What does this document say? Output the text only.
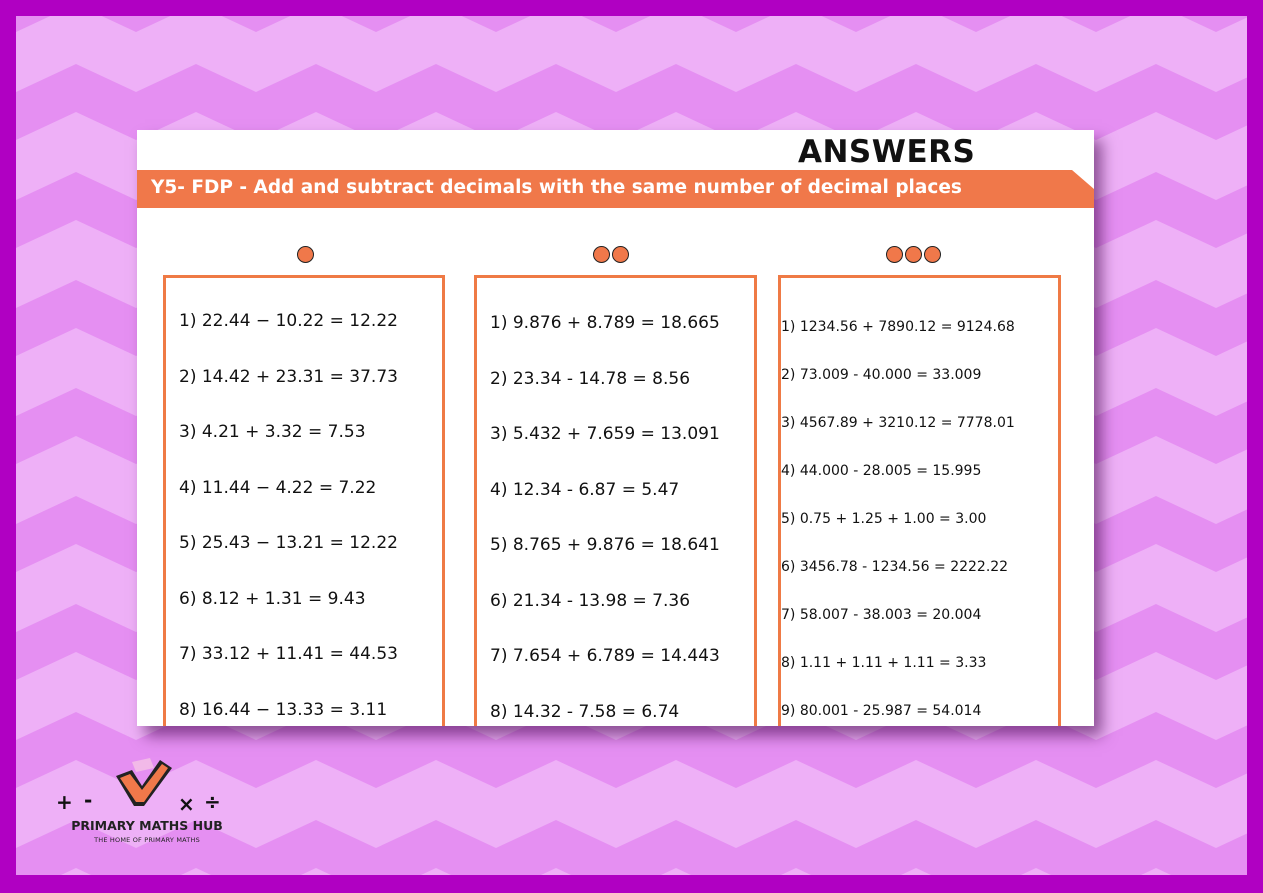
ANSWERS
Y5- FDP - Add and subtract decimals with the same number of decimal places
1) 22.44 − 10.22 = 12.22
2) 14.42 + 23.31 = 37.73
3) 4.21 + 3.32 = 7.53
4) 11.44 − 4.22 = 7.22
5) 25.43 − 13.21 = 12.22
6) 8.12 + 1.31 = 9.43
7) 33.12 + 11.41 = 44.53
8) 16.44 − 13.33 = 3.11
1) 9.876 + 8.789 = 18.665
2) 23.34 - 14.78 = 8.56
3) 5.432 + 7.659 = 13.091
4) 12.34 - 6.87 = 5.47
5) 8.765 + 9.876 = 18.641
6) 21.34 - 13.98 = 7.36
7) 7.654 + 6.789 = 14.443
8) 14.32 - 7.58 = 6.74
1) 1234.56 + 7890.12 = 9124.68
2) 73.009 - 40.000 = 33.009
3) 4567.89 + 3210.12 = 7778.01
4) 44.000 - 28.005 = 15.995
5) 0.75 + 1.25 + 1.00 = 3.00
6) 3456.78 - 1234.56 = 2222.22
7) 58.007 - 38.003 = 20.004
8) 1.11 + 1.11 + 1.11 = 3.33
9) 80.001 - 25.987 = 54.014
+ -	× ÷
PRIMARY MATHS HUB
THE HOME OF PRIMARY MATHS
